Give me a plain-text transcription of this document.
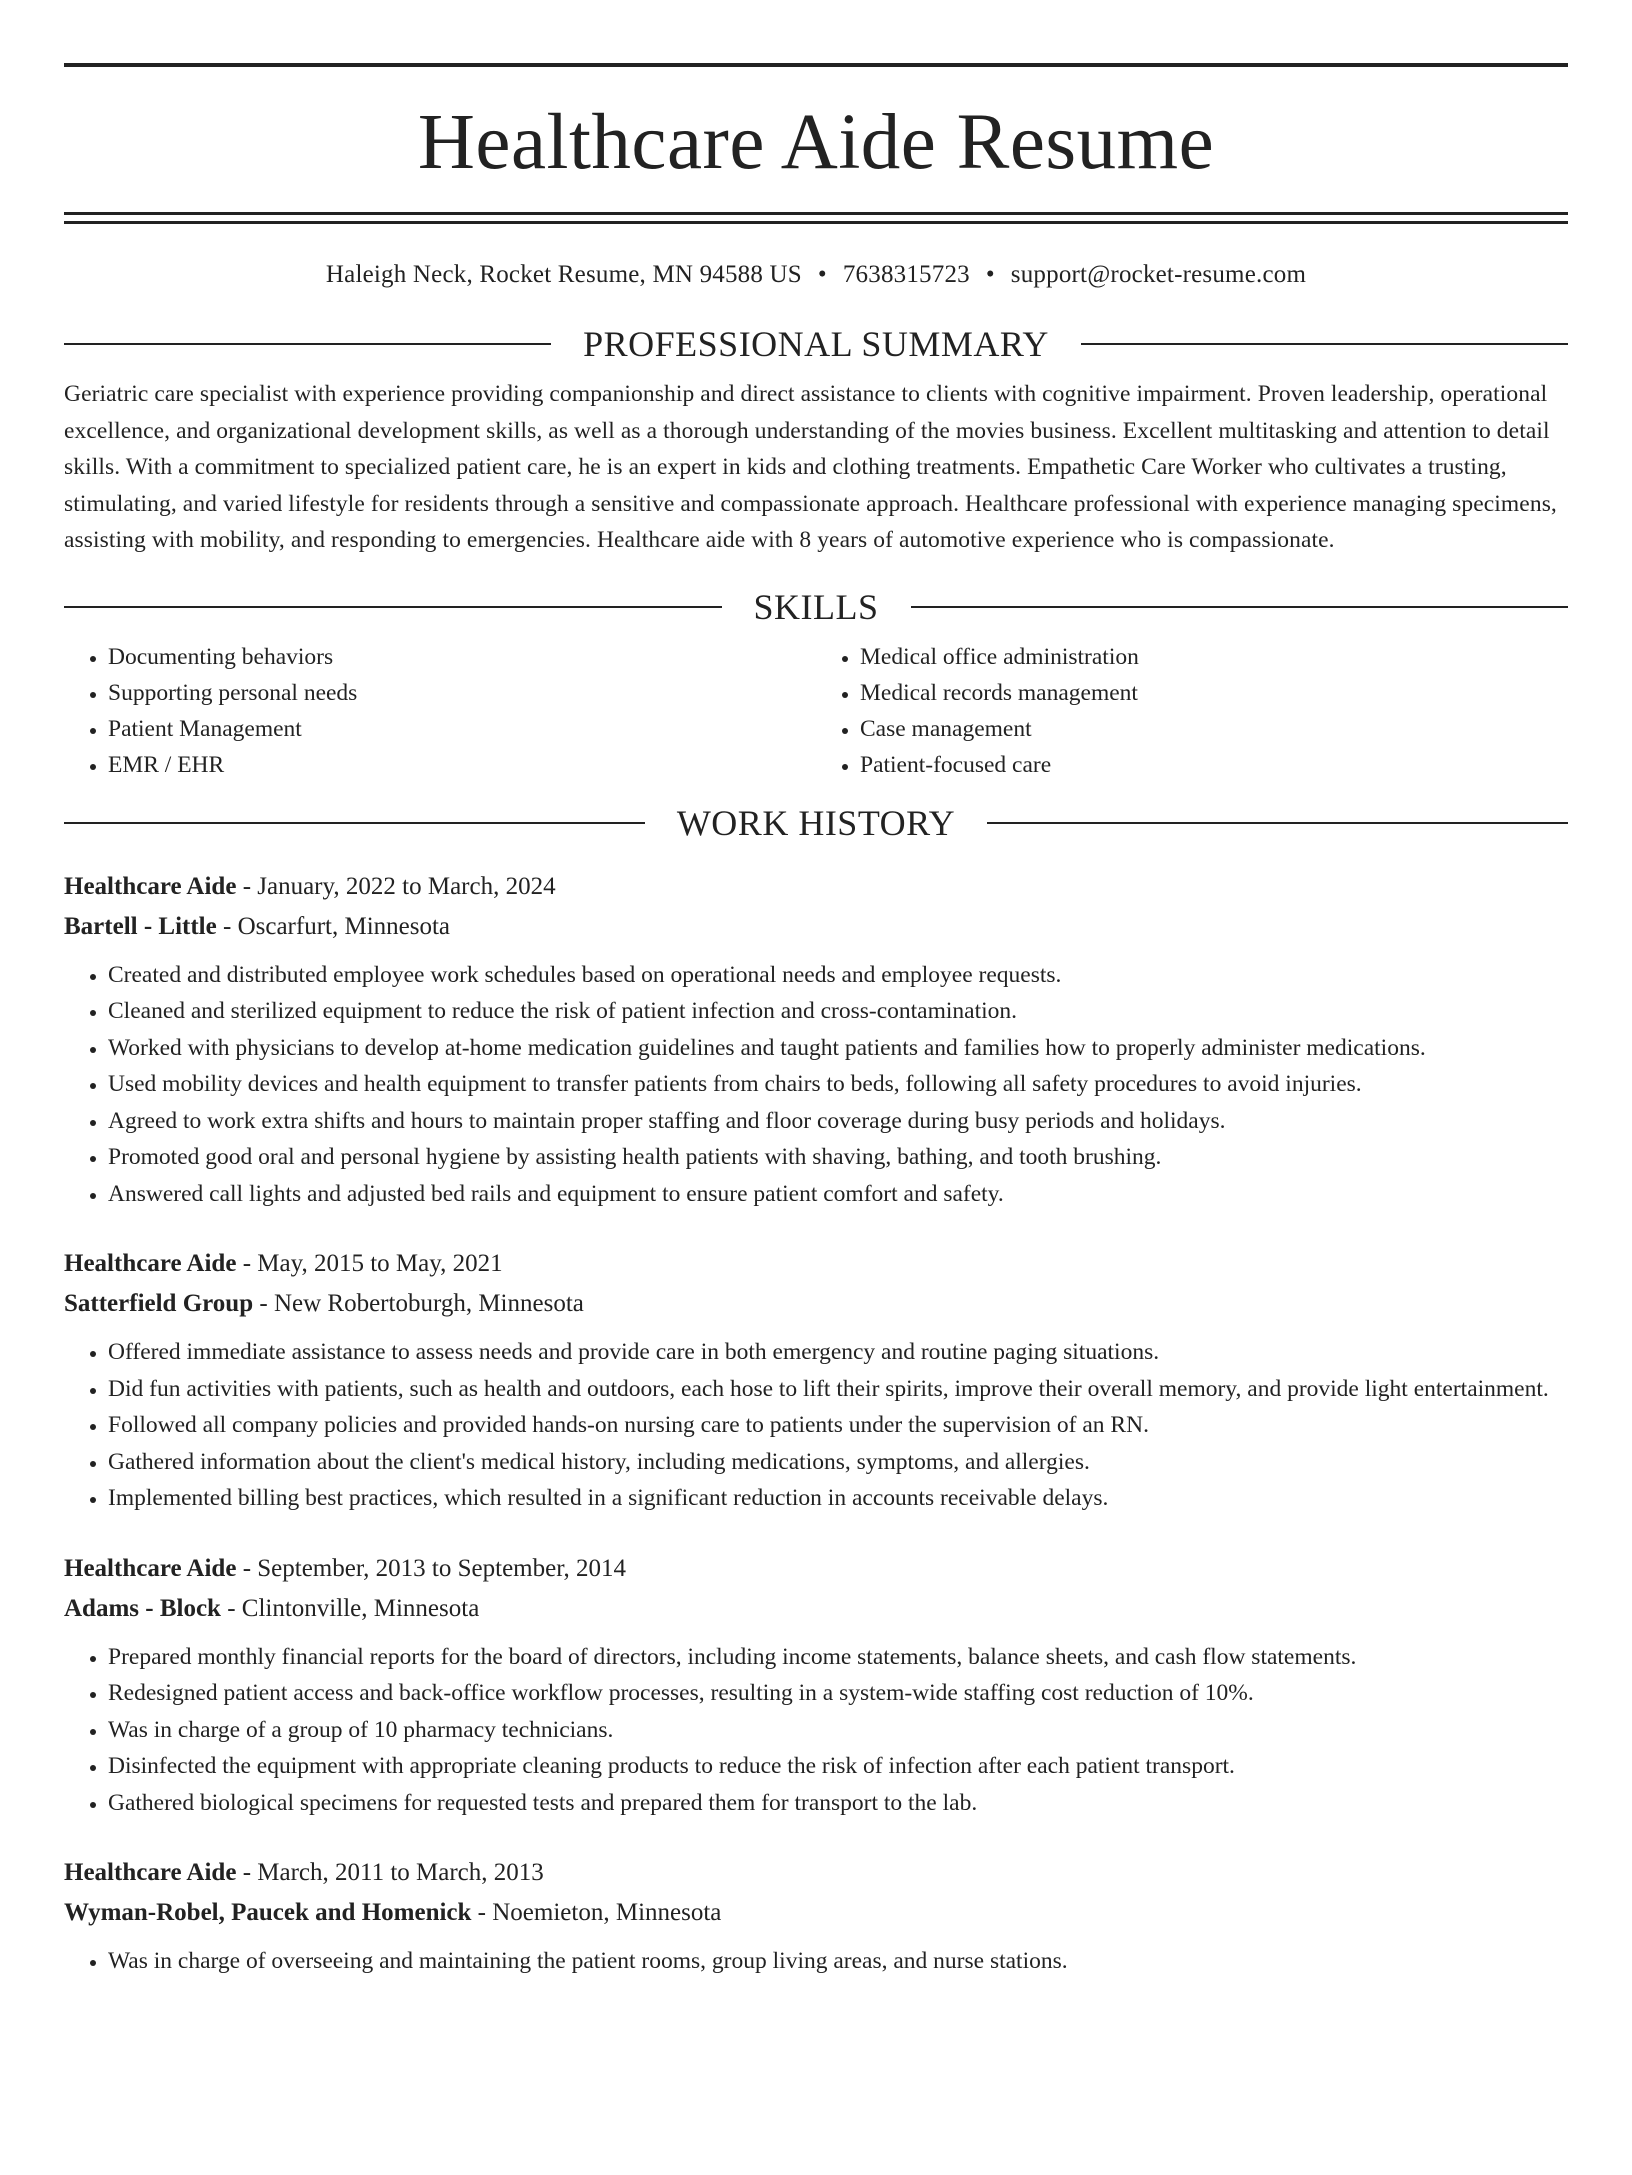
Healthcare Aide Resume
Haleigh Neck, Rocket Resume, MN 94588 US • 7638315723 • support@rocket-resume.com
PROFESSIONAL SUMMARY
Geriatric care specialist with experience providing companionship and direct assistance to clients with cognitive impairment. Proven leadership, operational excellence, and organizational development skills, as well as a thorough understanding of the movies business. Excellent multitasking and attention to detail skills. With a commitment to specialized patient care, he is an expert in kids and clothing treatments. Empathetic Care Worker who cultivates a trusting, stimulating, and varied lifestyle for residents through a sensitive and compassionate approach. Healthcare professional with experience managing specimens, assisting with mobility, and responding to emergencies. Healthcare aide with 8 years of automotive experience who is compassionate.
SKILLS
• Documenting behaviors
• Supporting personal needs
• Patient Management
• EMR / EHR
• Medical office administration
• Medical records management
• Case management
• Patient-focused care
WORK HISTORY
Healthcare Aide - January, 2022 to March, 2024
Bartell - Little - Oscarfurt, Minnesota
• Created and distributed employee work schedules based on operational needs and employee requests.
• Cleaned and sterilized equipment to reduce the risk of patient infection and cross-contamination.
• Worked with physicians to develop at-home medication guidelines and taught patients and families how to properly administer medications.
• Used mobility devices and health equipment to transfer patients from chairs to beds, following all safety procedures to avoid injuries.
• Agreed to work extra shifts and hours to maintain proper staffing and floor coverage during busy periods and holidays.
• Promoted good oral and personal hygiene by assisting health patients with shaving, bathing, and tooth brushing.
• Answered call lights and adjusted bed rails and equipment to ensure patient comfort and safety.
Healthcare Aide - May, 2015 to May, 2021
Satterfield Group - New Robertoburgh, Minnesota
• Offered immediate assistance to assess needs and provide care in both emergency and routine paging situations.
• Did fun activities with patients, such as health and outdoors, each hose to lift their spirits, improve their overall memory, and provide light entertainment.
• Followed all company policies and provided hands-on nursing care to patients under the supervision of an RN.
• Gathered information about the client's medical history, including medications, symptoms, and allergies.
• Implemented billing best practices, which resulted in a significant reduction in accounts receivable delays.
Healthcare Aide - September, 2013 to September, 2014
Adams - Block - Clintonville, Minnesota
• Prepared monthly financial reports for the board of directors, including income statements, balance sheets, and cash flow statements.
• Redesigned patient access and back-office workflow processes, resulting in a system-wide staffing cost reduction of 10%.
• Was in charge of a group of 10 pharmacy technicians.
• Disinfected the equipment with appropriate cleaning products to reduce the risk of infection after each patient transport.
• Gathered biological specimens for requested tests and prepared them for transport to the lab.
Healthcare Aide - March, 2011 to March, 2013
Wyman-Robel, Paucek and Homenick - Noemieton, Minnesota
• Was in charge of overseeing and maintaining the patient rooms, group living areas, and nurse stations.
